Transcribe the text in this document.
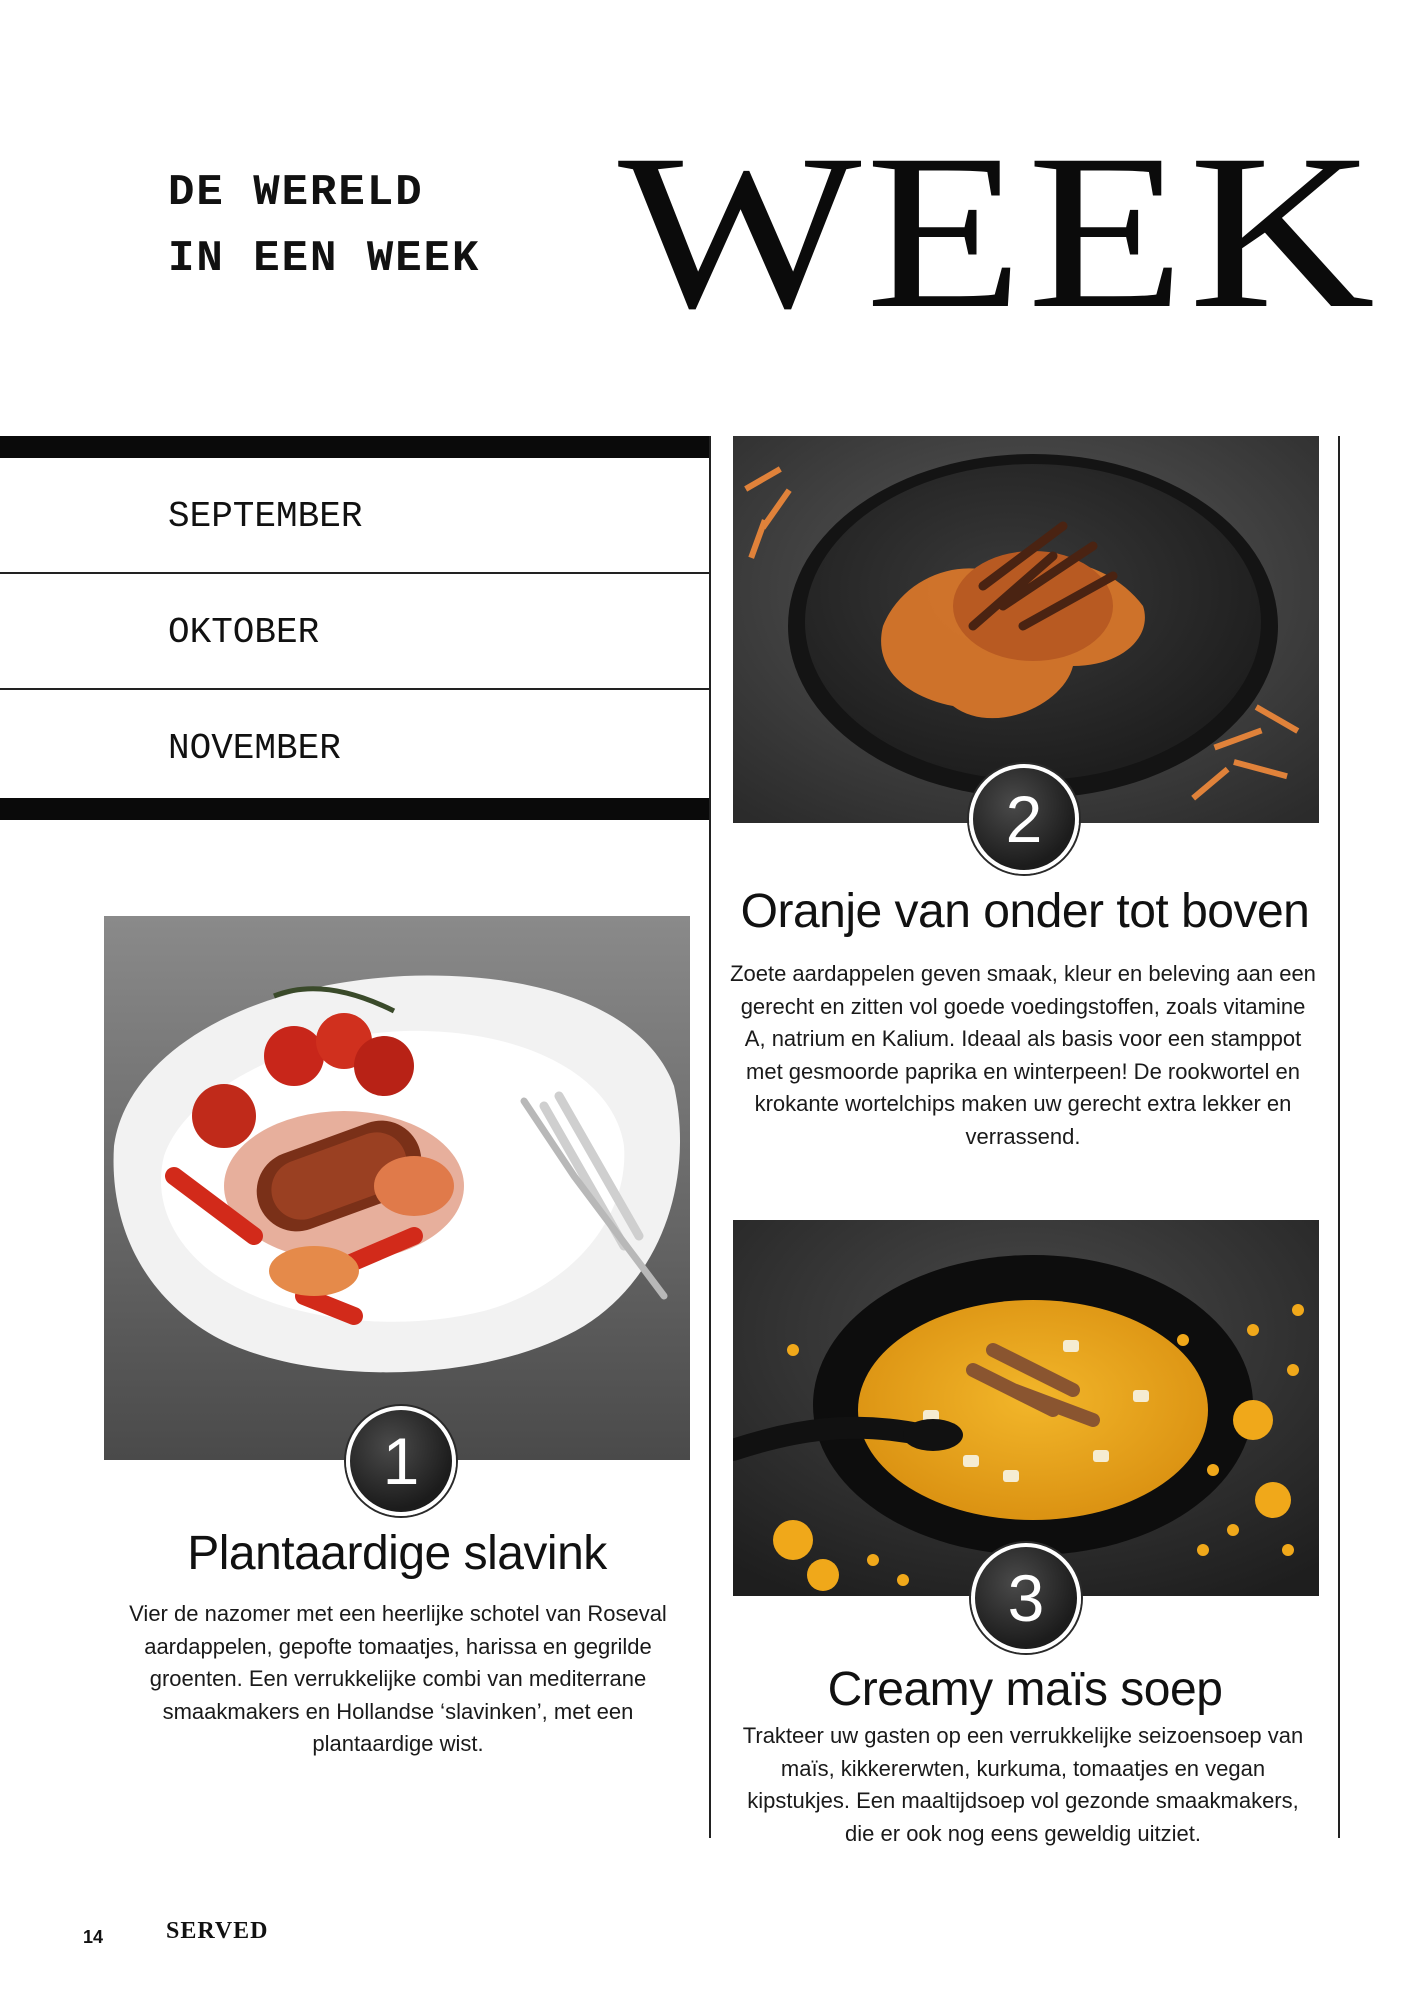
DE WERELD
IN EEN WEEK WEEK
SEPTEMBER
OKTOBER
NOVEMBER
2
Oranje van onder tot boven
Zoete aardappelen geven smaak, kleur en beleving aan een gerecht en zitten vol goede voedingstoffen, zoals vitamine A, natrium en Kalium. Ideaal als basis voor een stamppot met gesmoorde paprika en winterpeen! De rookwortel en krokante wortelchips maken uw gerecht extra lekker en verrassend.
1
Plantaardige slavink
Vier de nazomer met een heerlijke schotel van Roseval aardappelen, gepofte tomaatjes, harissa en gegrilde groenten. Een verrukkelijke combi van mediterrane smaakmakers en Hollandse ‘slavinken’, met een plantaardige wist.
3
Creamy maïs soep
Trakteer uw gasten op een verrukkelijke seizoensoep van maïs, kikkererwten, kurkuma, tomaatjes en vegan kipstukjes. Een maaltijdsoep vol gezonde smaakmakers, die er ook nog eens geweldig uitziet.
14	SERVED
